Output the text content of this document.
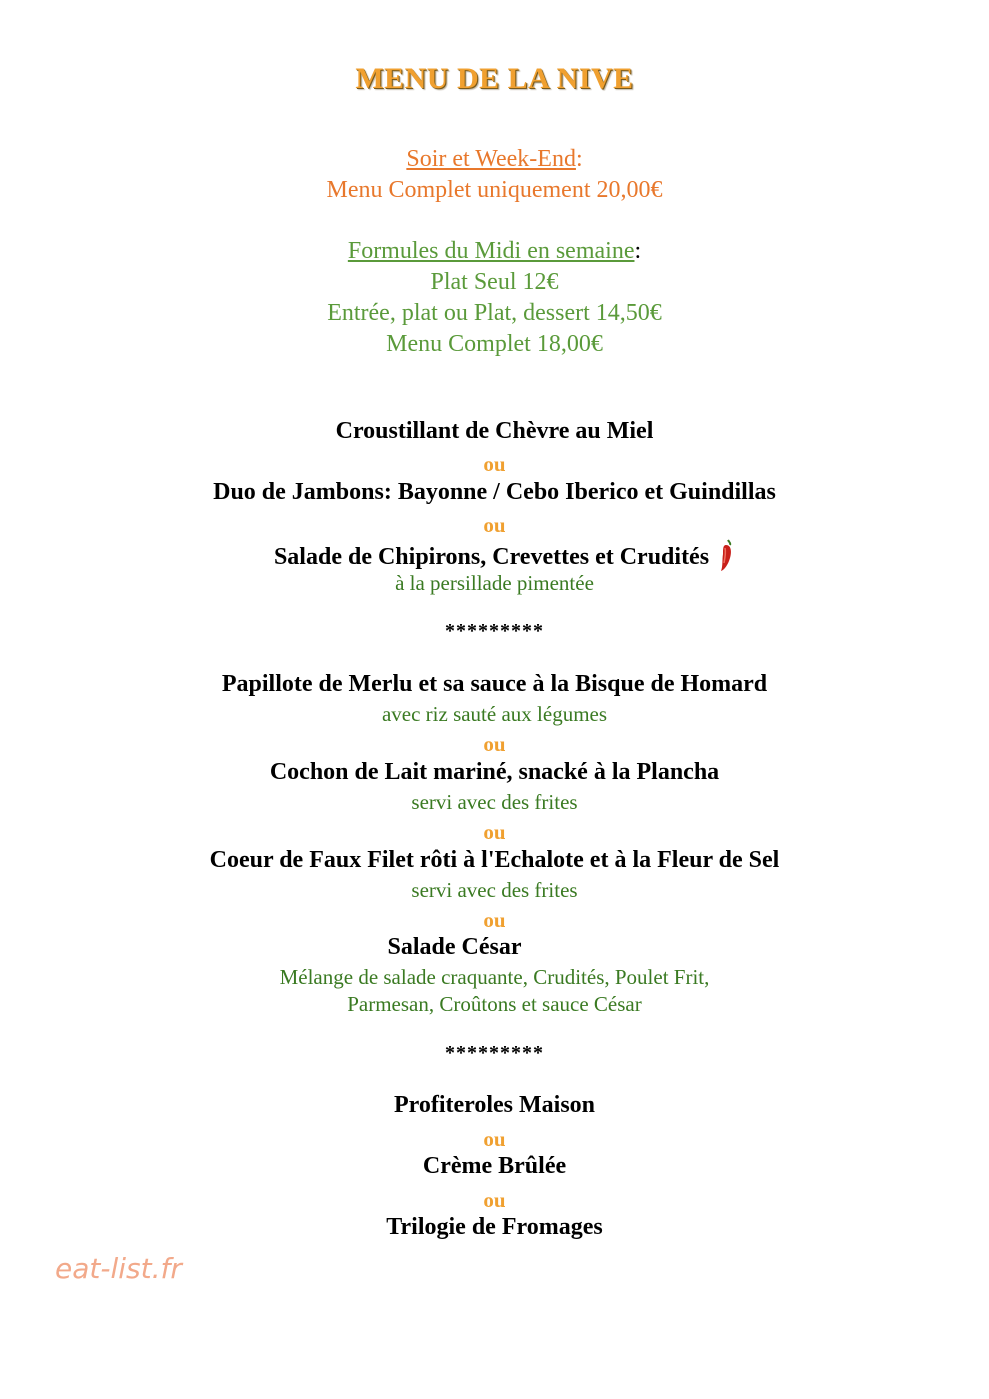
MENU DE LA NIVE
Soir et Week-End:
Menu Complet uniquement 20,00€
Formules du Midi en semaine:
Plat Seul 12€
Entrée, plat ou Plat, dessert 14,50€
Menu Complet 18,00€
Croustillant de Chèvre au Miel
ou
Duo de Jambons: Bayonne / Cebo Iberico et Guindillas
ou
Salade de Chipirons, Crevettes et Crudités
à la persillade pimentée
*********
Papillote de Merlu et sa sauce à la Bisque de Homard
avec riz sauté aux légumes
ou
Cochon de Lait mariné, snacké à la Plancha
servi avec des frites
ou
Coeur de Faux Filet rôti à l'Echalote et à la Fleur de Sel
servi avec des frites
ou
Salade César
Mélange de salade craquante, Crudités, Poulet Frit,
Parmesan, Croûtons et sauce César
*********
Profiteroles Maison
ou
Crème Brûlée
ou
Trilogie de Fromages
eat-list.fr
